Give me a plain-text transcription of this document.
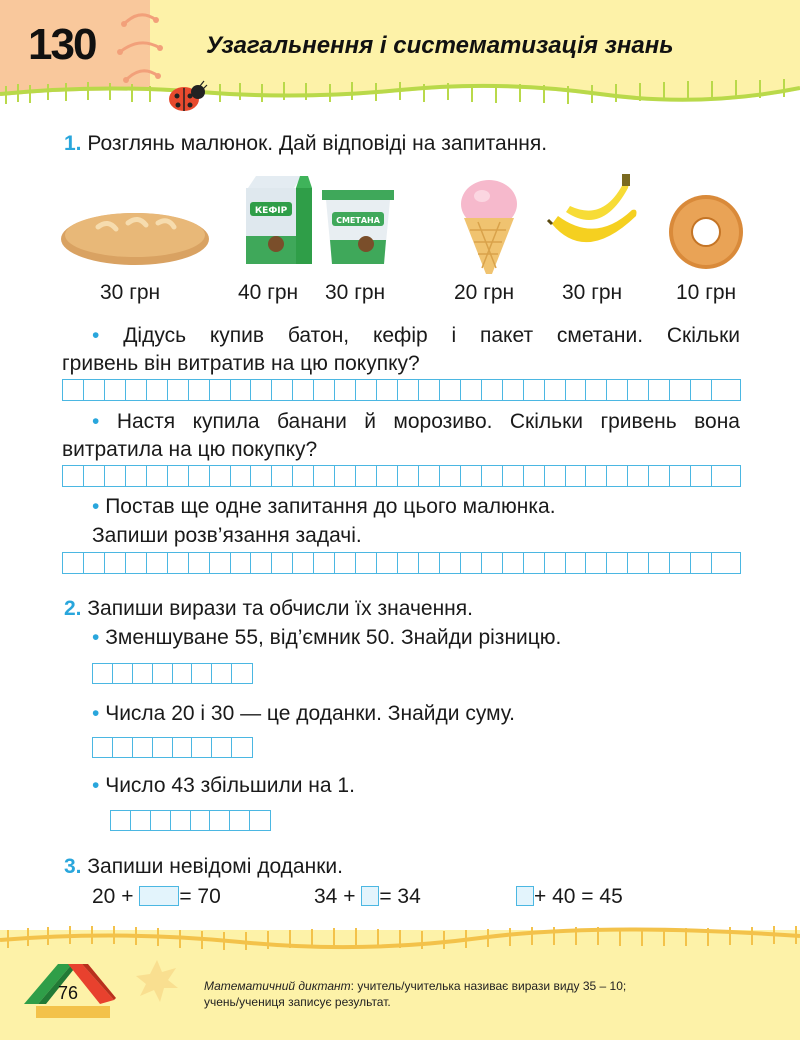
130	Узагальнення і систематизація знань
1. Розглянь малюнок. Дай відповіді на запитання.
КЕФІР
СМЕТАНА
30 грн	40 грн 30 грн	20 грн 30 грн	10 грн
• Дідусь купив батон, кефір і пакет сметани. Скільки
гривень він витратив на цю покупку?
• Настя купила банани й морозиво. Скільки гривень вона
витратила на цю покупку?
• Постав ще одне запитання до цього малюнка.
Запиши розв’язання задачі.
2. Запиши вирази та обчисли їх значення.
• Зменшуване 55, від’ємник 50. Знайди різницю.
• Числа 20 і 30 — це доданки. Знайди суму.
• Число 43 збільшили на 1.
3. Запиши невідомі доданки.
20 + = 70	34 + = 34	+ 40 = 45
76	Математичний диктант: учитель/учителька називає вирази виду 35 – 10;
учень/учениця записує результат.
